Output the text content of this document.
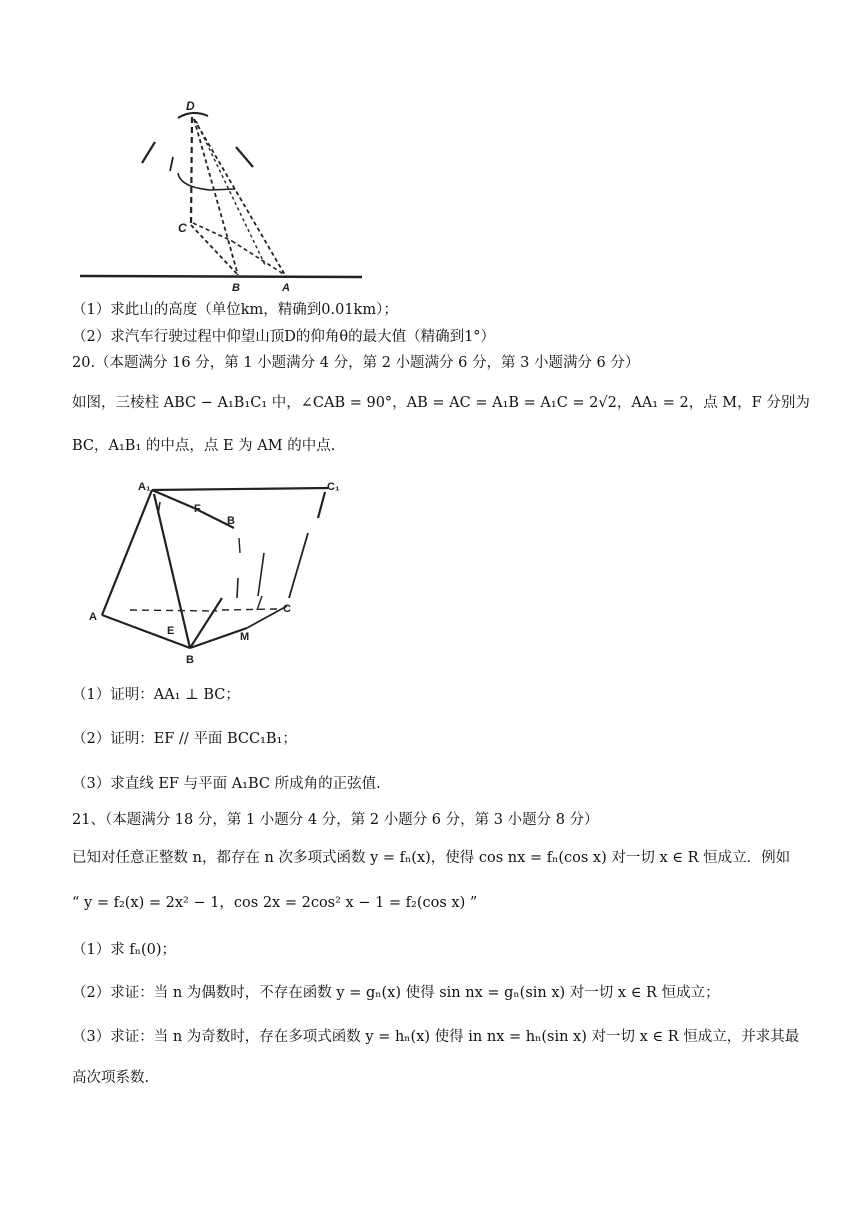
D
C
B	A
（1）求此山的高度（单位km，精确到0.01km）；
（2）求汽车行驶过程中仰望山顶D的仰角θ的最大值（精确到1°）
20.（本题满分 16 分，第 1 小题满分 4 分，第 2 小题满分 6 分，第 3 小题满分 6 分）
如图，三棱柱 ABC − A₁B₁C₁ 中，∠CAB = 90°，AB = AC = A₁B = A₁C = 2√2，AA₁ = 2，点 M，F 分别为
BC，A₁B₁ 的中点，点 E 为 AM 的中点.
A₁	C₁
F
B
A
C
E	M
B
（1）证明：AA₁ ⊥ BC；
（2）证明：EF // 平面 BCC₁B₁；
（3）求直线 EF 与平面 A₁BC 所成角的正弦值.
21、（本题满分 18 分，第 1 小题分 4 分，第 2 小题分 6 分，第 3 小题分 8 分）
已知对任意正整数 n，都存在 n 次多项式函数 y = fₙ(x)，使得 cos nx = fₙ(cos x) 对一切 x ∈ R 恒成立．例如
“ y = f₂(x) = 2x² − 1，cos 2x = 2cos² x − 1 = f₂(cos x) ”
（1）求 fₙ(0)；
（2）求证：当 n 为偶数时，不存在函数 y = gₙ(x) 使得 sin nx = gₙ(sin x) 对一切 x ∈ R 恒成立；
（3）求证：当 n 为奇数时，存在多项式函数 y = hₙ(x) 使得 in nx = hₙ(sin x) 对一切 x ∈ R 恒成立，并求其最
高次项系数.
